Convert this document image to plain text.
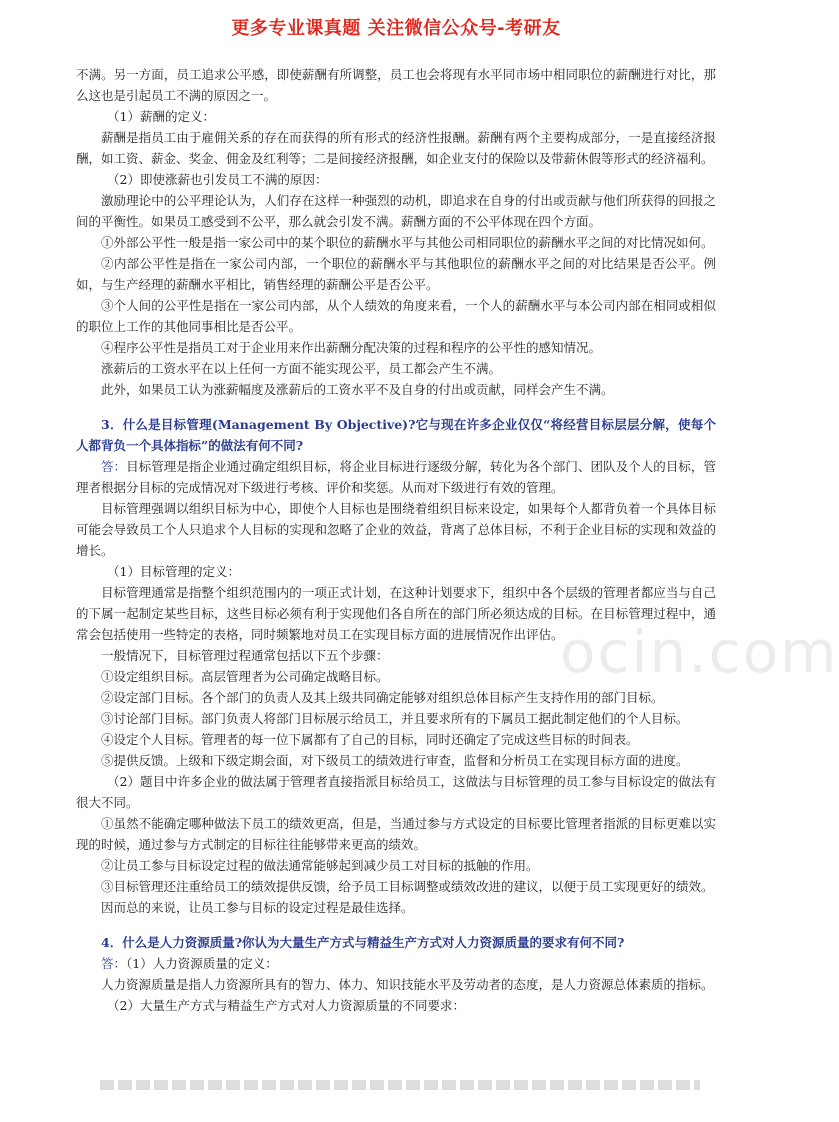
更多专业课真题 关注微信公众号-考研友
ocin.com

不满。另一方面，员工追求公平感，即使薪酬有所调整，员工也会将现有水平同市场中相同职位的薪酬进行对比，那么这也是引起员工不满的原因之一。

（1）薪酬的定义：

薪酬是指员工由于雇佣关系的存在而获得的所有形式的经济性报酬。薪酬有两个主要构成部分，一是直接经济报酬，如工资、薪金、奖金、佣金及红利等；二是间接经济报酬，如企业支付的保险以及带薪休假等形式的经济福利。

（2）即使涨薪也引发员工不满的原因：

激励理论中的公平理论认为，人们存在这样一种强烈的动机，即追求在自身的付出或贡献与他们所获得的回报之间的平衡性。如果员工感受到不公平，那么就会引发不满。薪酬方面的不公平体现在四个方面。

①外部公平性一般是指一家公司中的某个职位的薪酬水平与其他公司相同职位的薪酬水平之间的对比情况如何。

②内部公平性是指在一家公司内部，一个职位的薪酬水平与其他职位的薪酬水平之间的对比结果是否公平。例如，与生产经理的薪酬水平相比，销售经理的薪酬公平是否公平。

③个人间的公平性是指在一家公司内部，从个人绩效的角度来看，一个人的薪酬水平与本公司内部在相同或相似的职位上工作的其他同事相比是否公平。

④程序公平性是指员工对于企业用来作出薪酬分配决策的过程和程序的公平性的感知情况。

涨薪后的工资水平在以上任何一方面不能实现公平，员工都会产生不满。

此外，如果员工认为涨薪幅度及涨薪后的工资水平不及自身的付出或贡献，同样会产生不满。

3．什么是目标管理(Management By Objective)?它与现在许多企业仅仅“将经营目标层层分解，使每个人都背负一个具体指标”的做法有何不同?

答：目标管理是指企业通过确定组织目标，将企业目标进行逐级分解，转化为各个部门、团队及个人的目标，管理者根据分目标的完成情况对下级进行考核、评价和奖惩。从而对下级进行有效的管理。

目标管理强调以组织目标为中心，即使个人目标也是围绕着组织目标来设定，如果每个人都背负着一个具体目标可能会导致员工个人只追求个人目标的实现和忽略了企业的效益，背离了总体目标，不利于企业目标的实现和效益的增长。

（1）目标管理的定义：

目标管理通常是指整个组织范围内的一项正式计划，在这种计划要求下，组织中各个层级的管理者都应当与自己的下属一起制定某些目标，这些目标必须有利于实现他们各自所在的部门所必须达成的目标。在目标管理过程中，通常会包括使用一些特定的表格，同时频繁地对员工在实现目标方面的进展情况作出评估。

一般情况下，目标管理过程通常包括以下五个步骤：

①设定组织目标。高层管理者为公司确定战略目标。

②设定部门目标。各个部门的负责人及其上级共同确定能够对组织总体目标产生支持作用的部门目标。

③讨论部门目标。部门负责人将部门目标展示给员工，并且要求所有的下属员工据此制定他们的个人目标。

④设定个人目标。管理者的每一位下属都有了自己的目标，同时还确定了完成这些目标的时间表。

⑤提供反馈。上级和下级定期会面，对下级员工的绩效进行审查，监督和分析员工在实现目标方面的进度。

（2）题目中许多企业的做法属于管理者直接指派目标给员工，这做法与目标管理的员工参与目标设定的做法有很大不同。

①虽然不能确定哪种做法下员工的绩效更高，但是，当通过参与方式设定的目标要比管理者指派的目标更难以实现的时候，通过参与方式制定的目标往往能够带来更高的绩效。

②让员工参与目标设定过程的做法通常能够起到减少员工对目标的抵触的作用。

③目标管理还注重给员工的绩效提供反馈，给予员工目标调整或绩效改进的建议，以便于员工实现更好的绩效。

因而总的来说，让员工参与目标的设定过程是最佳选择。

4．什么是人力资源质量?你认为大量生产方式与精益生产方式对人力资源质量的要求有何不同?

答：（1）人力资源质量的定义：

人力资源质量是指人力资源所具有的智力、体力、知识技能水平及劳动者的态度，是人力资源总体素质的指标。

（2）大量生产方式与精益生产方式对人力资源质量的不同要求：
